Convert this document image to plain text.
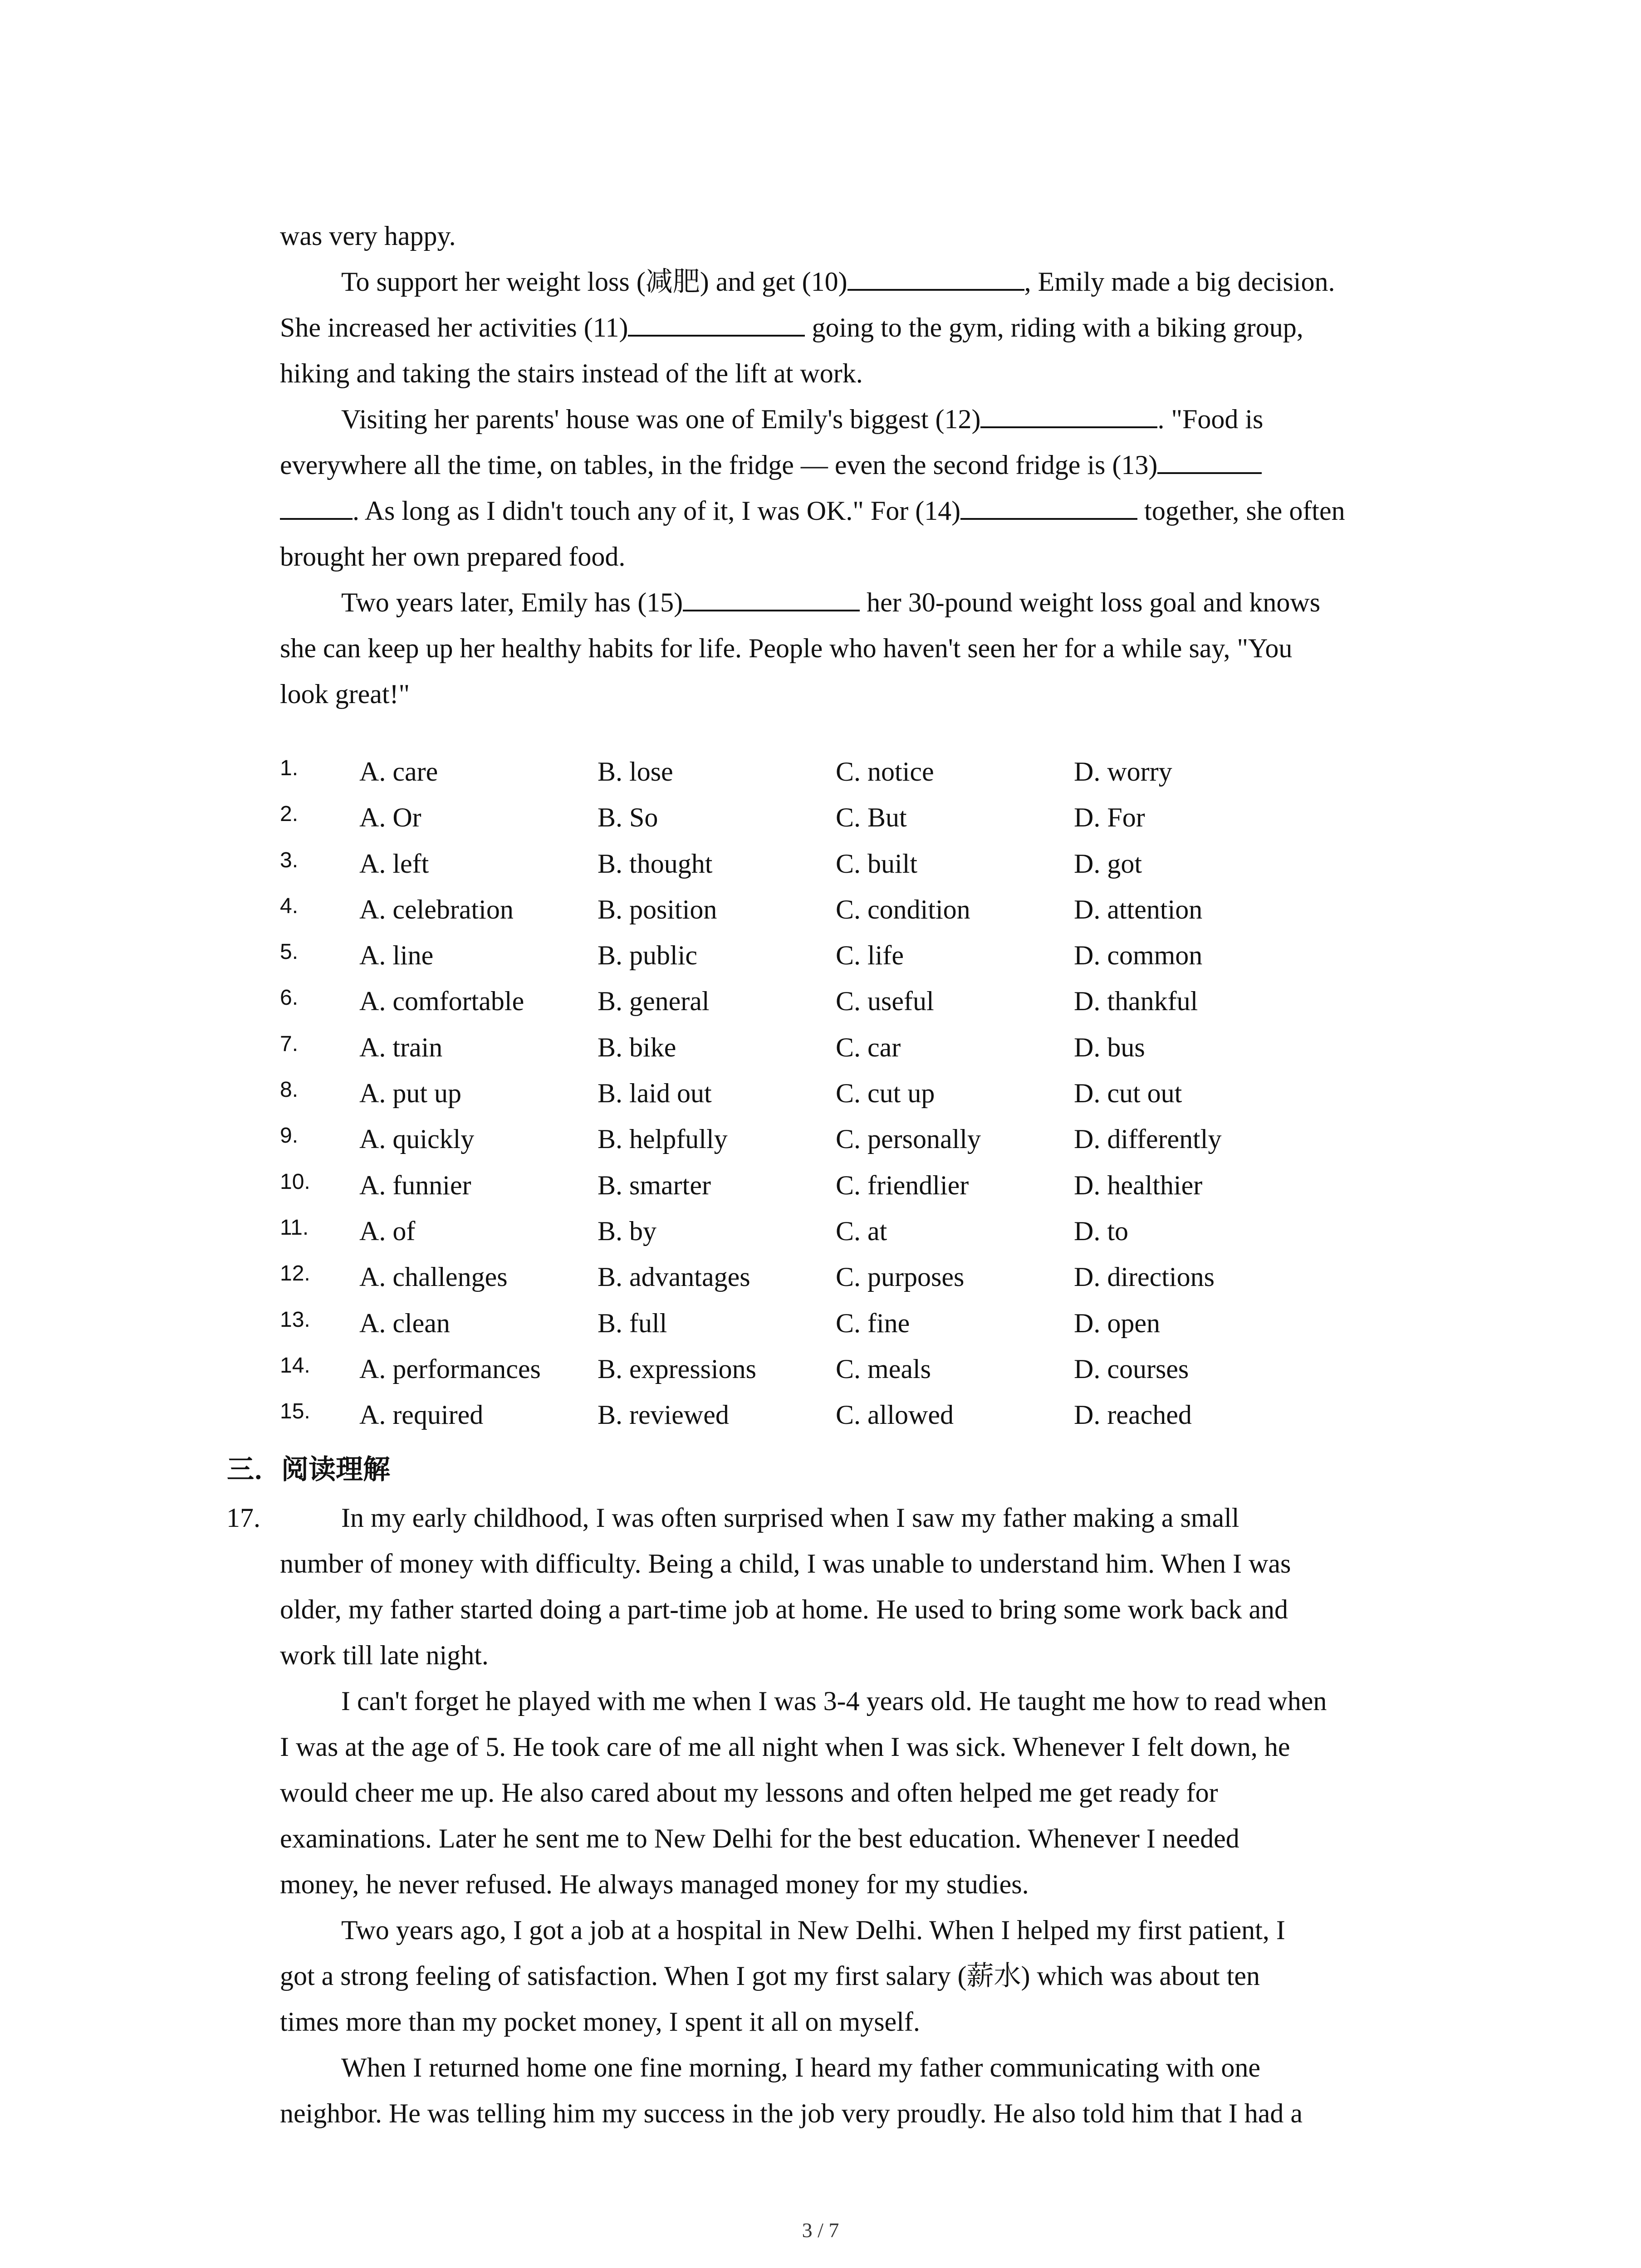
was very happy.
To support her weight loss (减肥) and get (10)	, Emily made a big decision.
She increased her activities (11)	going to the gym, riding with a biking group,
hiking and taking the stairs instead of the lift at work.
Visiting her parents' house was one of Emily's biggest (12)	. "Food is
everywhere all the time, on tables, in the fridge — even the second fridge is (13)
. As long as I didn't touch any of it, I was OK." For (14)	together, she often
brought her own prepared food.
Two years later, Emily has (15)	her 30-pound weight loss goal and knows
she can keep up her healthy habits for life. People who haven't seen her for a while say, "You
look great!"
1. A. care	B. lose	C. notice	D. worry
2. A. Or	B. So	C. But	D. For
3. A. left	B. thought	C. built	D. got
4. A. celebration	B. position	C. condition	D. attention
5. A. line	B. public	C. life	D. common
6. A. comfortable	B. general	C. useful	D. thankful
7. A. train	B. bike	C. car	D. bus
8. A. put up	B. laid out	C. cut up	D. cut out
9. A. quickly	B. helpfully	C. personally	D. differently
10. A. funnier	B. smarter	C. friendlier	D. healthier
11. A. of	B. by	C. at	D. to
12. A. challenges	B. advantages	C. purposes	D. directions
13. A. clean	B. full	C. fine	D. open
14. A. performances B. expressions	C. meals	D. courses
15. A. required	B. reviewed	C. allowed	D. reached
三．阅读理解
17.	In my early childhood, I was often surprised when I saw my father making a small
number of money with difficulty. Being a child, I was unable to understand him. When I was
older, my father started doing a part-time job at home. He used to bring some work back and
work till late night.
I can't forget he played with me when I was 3-4 years old. He taught me how to read when
I was at the age of 5. He took care of me all night when I was sick. Whenever I felt down, he
would cheer me up. He also cared about my lessons and often helped me get ready for
examinations. Later he sent me to New Delhi for the best education. Whenever I needed
money, he never refused. He always managed money for my studies.
Two years ago, I got a job at a hospital in New Delhi. When I helped my first patient, I
got a strong feeling of satisfaction. When I got my first salary (薪水) which was about ten
times more than my pocket money, I spent it all on myself.
When I returned home one fine morning, I heard my father communicating with one
neighbor. He was telling him my success in the job very proudly. He also told him that I had a
3 / 7
